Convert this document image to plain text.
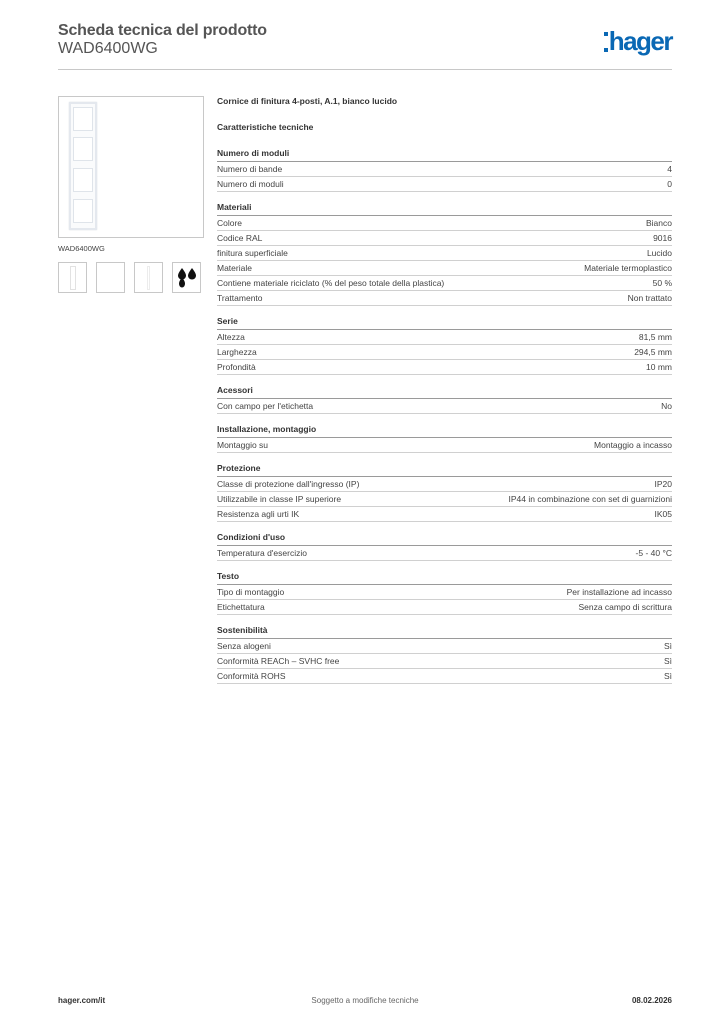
Scheda tecnica del prodotto
WAD6400WG	hager
WAD6400WG
Cornice di finitura 4-posti, A.1, bianco lucido
Caratteristiche tecniche
Numero di moduli
Numero di bande	4
Numero di moduli	0
Materiali
Colore	Bianco
Codice RAL	9016
finitura superficiale	Lucido
Materiale	Materiale termoplastico
Contiene materiale riciclato (% del peso totale della plastica)	50 %
Trattamento	Non trattato
Serie
Altezza	81,5 mm
Larghezza	294,5 mm
Profondità	10 mm
Acessori
Con campo per l'etichetta	No
Installazione, montaggio
Montaggio su	Montaggio a incasso
Protezione
Classe di protezione dall'ingresso (IP)	IP20
Utilizzabile in classe IP superiore	IP44 in combinazione con set di guarnizioni
Resistenza agli urti IK	IK05
Condizioni d'uso
Temperatura d'esercizio	-5 - 40 °C
Testo
Tipo di montaggio	Per installazione ad incasso
Etichettatura	Senza campo di scrittura
Sostenibilità
Senza alogeni	Sì
Conformità REACh – SVHC free	Sì
Conformità ROHS	Sì
Soggetto a modifiche tecniche
hager.com/it	08.02.2026
